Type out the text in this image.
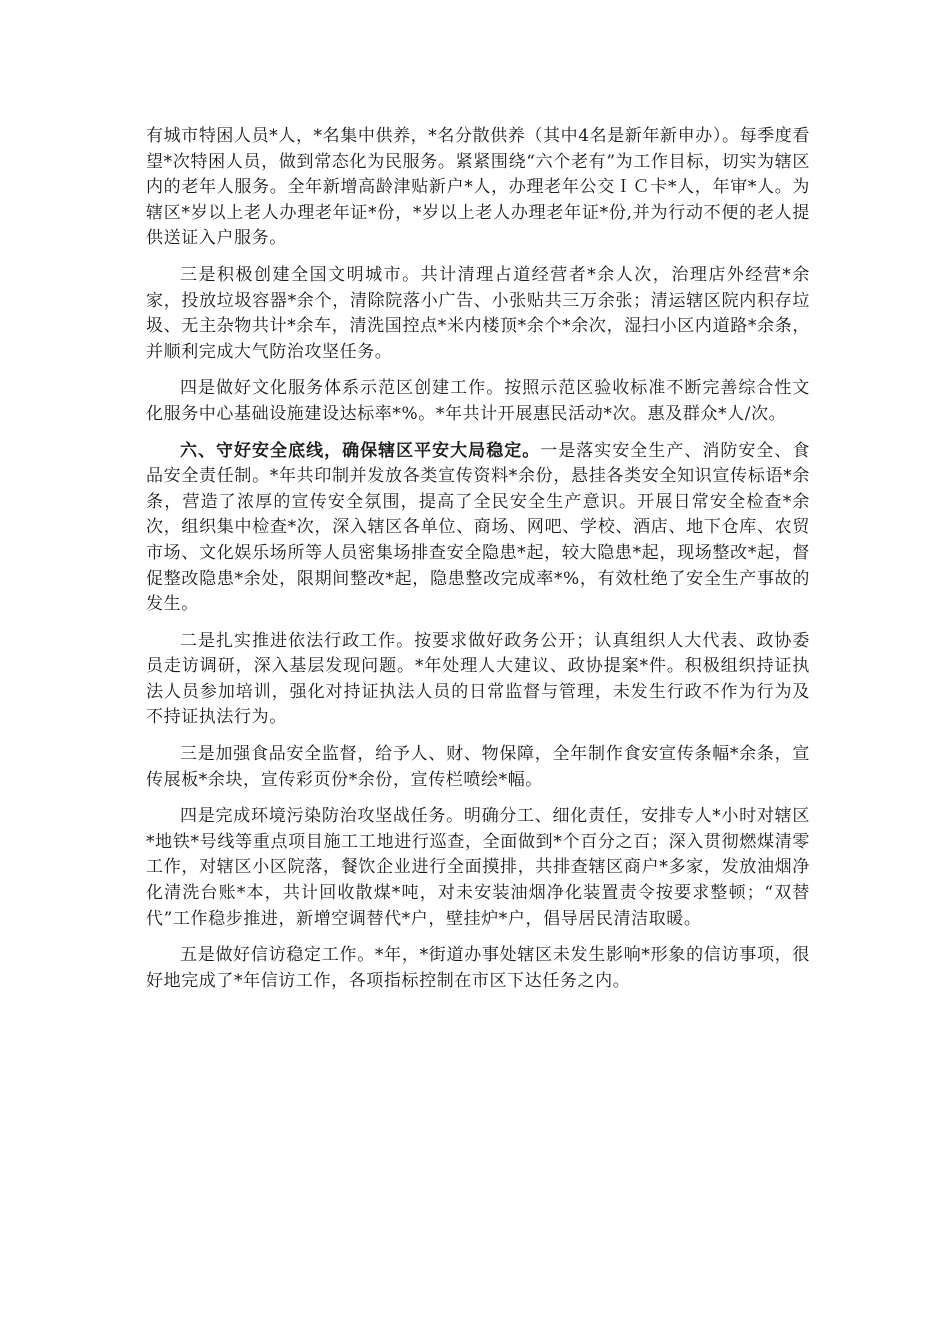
有城市特困人员*人，*名集中供养，*名分散供养（其中4名是新年新申办）。每季度看望*次特困人员，做到常态化为民服务。紧紧围绕“六个老有”为工作目标，切实为辖区内的老年人服务。全年新增高龄津贴新户*人，办理老年公交ＩＣ卡*人，年审*人。为辖区*岁以上老人办理老年证*份，*岁以上老人办理老年证*份,并为行动不便的老人提供送证入户服务。

三是积极创建全国文明城市。共计清理占道经营者*余人次，治理店外经营*余家，投放垃圾容器*余个，清除院落小广告、小张贴共三万余张；清运辖区院内积存垃圾、无主杂物共计*余车，清洗国控点*米内楼顶*余个*余次，湿扫小区内道路*余条，并顺利完成大气防治攻坚任务。

四是做好文化服务体系示范区创建工作。按照示范区验收标准不断完善综合性文化服务中心基础设施建设达标率*%。*年共计开展惠民活动*次。惠及群众*人/次。

六、守好安全底线，确保辖区平安大局稳定。一是落实安全生产、消防安全、食品安全责任制。*年共印制并发放各类宣传资料*余份，悬挂各类安全知识宣传标语*余条，营造了浓厚的宣传安全氛围，提高了全民安全生产意识。开展日常安全检查*余次，组织集中检查*次，深入辖区各单位、商场、网吧、学校、酒店、地下仓库、农贸市场、文化娱乐场所等人员密集场排查安全隐患*起，较大隐患*起，现场整改*起，督促整改隐患*余处，限期间整改*起，隐患整改完成率*%，有效杜绝了安全生产事故的发生。

二是扎实推进依法行政工作。按要求做好政务公开；认真组织人大代表、政协委员走访调研，深入基层发现问题。*年处理人大建议、政协提案*件。积极组织持证执法人员参加培训，强化对持证执法人员的日常监督与管理，未发生行政不作为行为及不持证执法行为。

三是加强食品安全监督，给予人、财、物保障，全年制作食安宣传条幅*余条，宣传展板*余块，宣传彩页份*余份，宣传栏喷绘*幅。

四是完成环境污染防治攻坚战任务。明确分工、细化责任，安排专人*小时对辖区*地铁*号线等重点项目施工工地进行巡查，全面做到*个百分之百；深入贯彻燃煤清零工作，对辖区小区院落，餐饮企业进行全面摸排，共排查辖区商户*多家，发放油烟净化清洗台账*本，共计回收散煤*吨，对未安装油烟净化装置责令按要求整顿；“双替代”工作稳步推进，新增空调替代*户，壁挂炉*户，倡导居民清洁取暖。

五是做好信访稳定工作。*年，*街道办事处辖区未发生影响*形象的信访事项，很好地完成了*年信访工作，各项指标控制在市区下达任务之内。
